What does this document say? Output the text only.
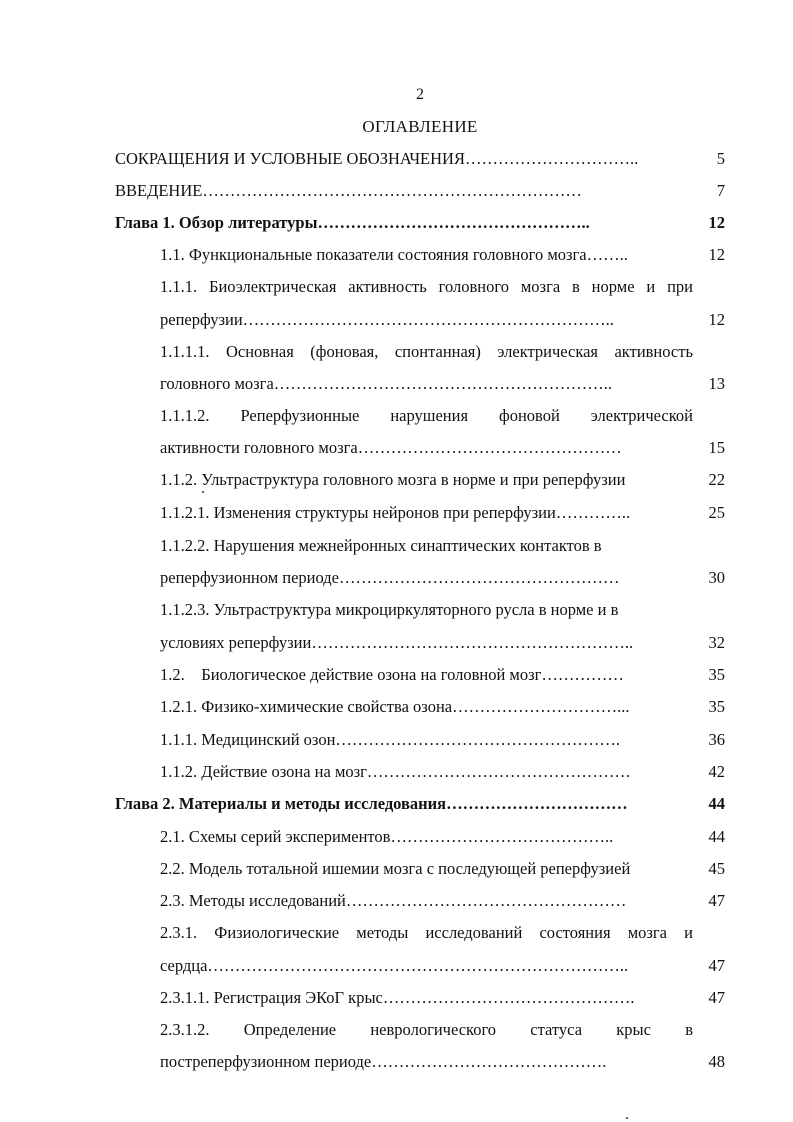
2
ОГЛАВЛЕНИЕ
СОКРАЩЕНИЯ И УСЛОВНЫЕ ОБОЗНАЧЕНИЯ…………………………..	5
ВВЕДЕНИЕ……………………………………………………………	7
Глава 1. Обзор литературы…………………………………………..	12
1.1. Функциональные показатели состояния головного мозга……..	12
1.1.1. Биоэлектрическая активность головного мозга в норме и при
реперфузии…………………………………………………………..	12
1.1.1.1. Основная (фоновая, спонтанная) электрическая активность
головного мозга……………………………………………………..	13
1.1.1.2. Реперфузионные нарушения фоновой электрической
активности головного мозга…………………………………………	15
1.1.2. Ультраструктура головного мозга в норме и при реперфузии	22
1.1.2.1. Изменения структуры нейронов при реперфузии…………..	25
1.1.2.2. Нарушения межнейронных синаптических контактов в
реперфузионном периоде……………………………………………	30
1.1.2.3. Ультраструктура микроциркуляторного русла в норме и в
условиях реперфузии…………………………………………………..	32
1.2.    Биологическое действие озона на головной мозг……………	35
1.2.1. Физико-химические свойства озона…………………………...	35
1.1.1. Медицинский озон…………………………………………….	36
1.1.2. Действие озона на мозг…………………………………………	42
Глава 2. Материалы и методы исследования……………………………	44
2.1. Схемы серий экспериментов…………………………………..	44
2.2. Модель тотальной ишемии мозга с последующей реперфузией	45
2.3. Методы исследований……………………………………………	47
2.3.1. Физиологические методы исследований состояния мозга и
сердца…………………………………………………………………..	47
2.3.1.1. Регистрация ЭКоГ крыс……………………………………….	47
2.3.1.2. Определение неврологического статуса крыс в
постреперфузионном периоде…………………………………….	48
